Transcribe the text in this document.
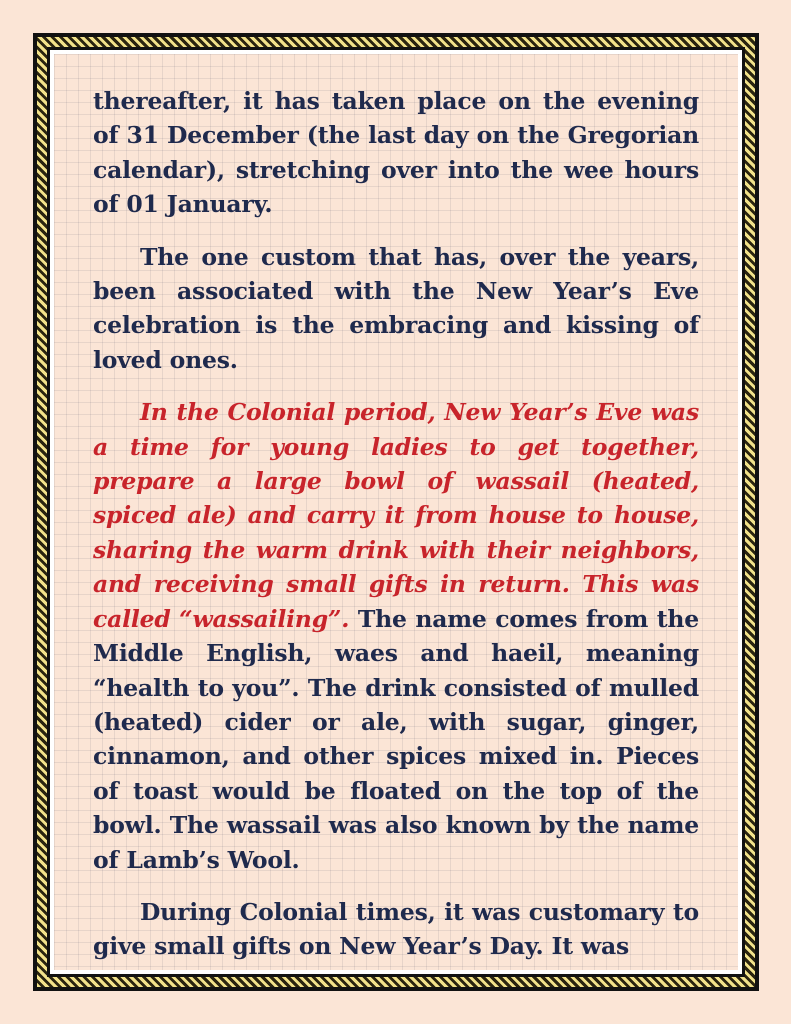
thereafter, it has taken place on the evening of 31 December (the last day on the Gregorian calendar), stretching over into the wee hours of 01 January.

The one custom that has, over the years, been associated with the New Year’s Eve celebration is the embracing and kissing of loved ones.

In the Colonial period, New Year’s Eve was a time for young ladies to get together, prepare a large bowl of wassail (heated, spiced ale) and carry it from house to house, sharing the warm drink with their neighbors, and receiving small gifts in return. This was called “wassailing”. The name comes from the Middle English, waes and haeil, meaning “health to you”. The drink consisted of mulled (heated) cider or ale, with sugar, ginger, cinnamon, and other spices mixed in. Pieces of toast would be floated on the top of the bowl. The wassail was also known by the name of Lamb’s Wool.

During Colonial times, it was customary to give small gifts on New Year’s Day. It was
